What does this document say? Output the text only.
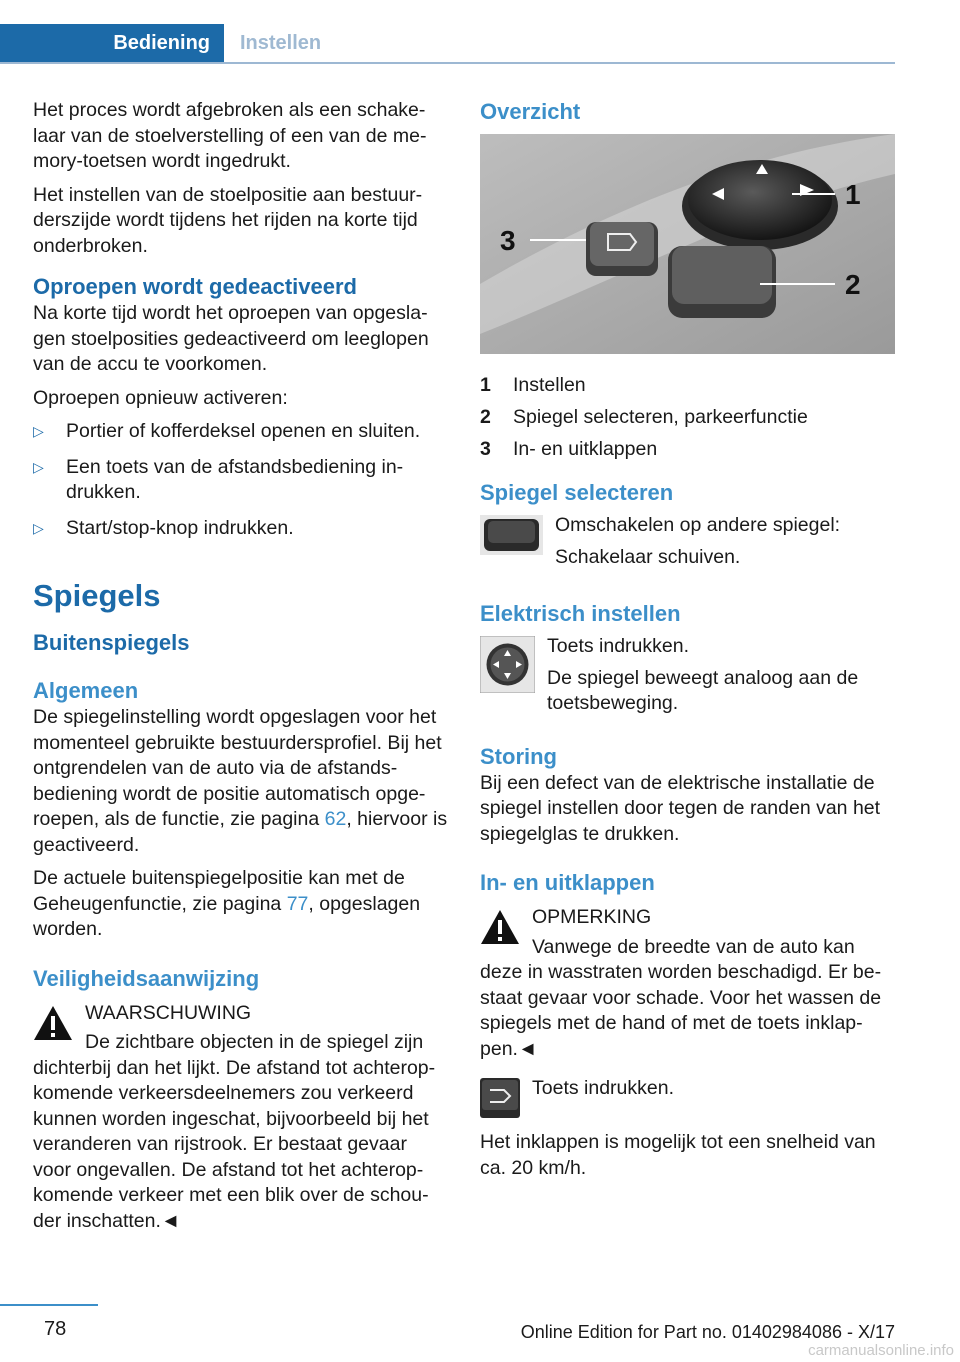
Bediening	Instellen

Het proces wordt afgebroken als een schake-laar van de stoelverstelling of een van de me-mory-toetsen wordt ingedrukt.

Het instellen van de stoelpositie aan bestuur-derszijde wordt tijdens het rijden na korte tijd onderbroken.

Oproepen wordt gedeactiveerd

Na korte tijd wordt het oproepen van opgesla-gen stoelposities gedeactiveerd om leeglopen van de accu te voorkomen.

Oproepen opnieuw activeren:

▷ Portier of kofferdeksel openen en sluiten.
▷ Een toets van de afstandsbediening in-drukken.
▷ Start/stop-knop indrukken.
Spiegels
Buitenspiegels
Algemeen

De spiegelinstelling wordt opgeslagen voor het momenteel gebruikte bestuurdersprofiel. Bij het ontgrendelen van de auto via de afstands-bediening wordt de positie automatisch opge-roepen, als de functie, zie pagina 62, hiervoor is geactiveerd.

De actuele buitenspiegelpositie kan met de Geheugenfunctie, zie pagina 77, opgeslagen worden.

Veiligheidsaanwijzing

WAARSCHUWING

De zichtbare objecten in de spiegel zijn dichterbij dan het lijkt. De afstand tot achterop-komende verkeersdeelnemers zou verkeerd kunnen worden ingeschat, bijvoorbeeld bij het veranderen van rijstrook. Er bestaat gevaar voor ongevallen. De afstand tot het achterop-komende verkeer met een blik over de schou-der inschatten.◄

Overzicht
1
2
3
1	Instellen
2	Spiegel selecteren, parkeerfunctie
3	In- en uitklappen
Spiegel selecteren

Omschakelen op andere spiegel:

Schakelaar schuiven.

Elektrisch instellen

Toets indrukken.

De spiegel beweegt analoog aan de toetsbeweging.

Storing

Bij een defect van de elektrische installatie de spiegel instellen door tegen de randen van het spiegelglas te drukken.

In- en uitklappen

OPMERKING

Vanwege de breedte van de auto kan deze in wasstraten worden beschadigd. Er be-staat gevaar voor schade. Voor het wassen de spiegels met de hand of met de toets inklap-pen.◄

Toets indrukken.

Het inklappen is mogelijk tot een snelheid van ca. 20 km/h.

78	Online Edition for Part no. 01402984086 - X/17
carmanualsonline.info
